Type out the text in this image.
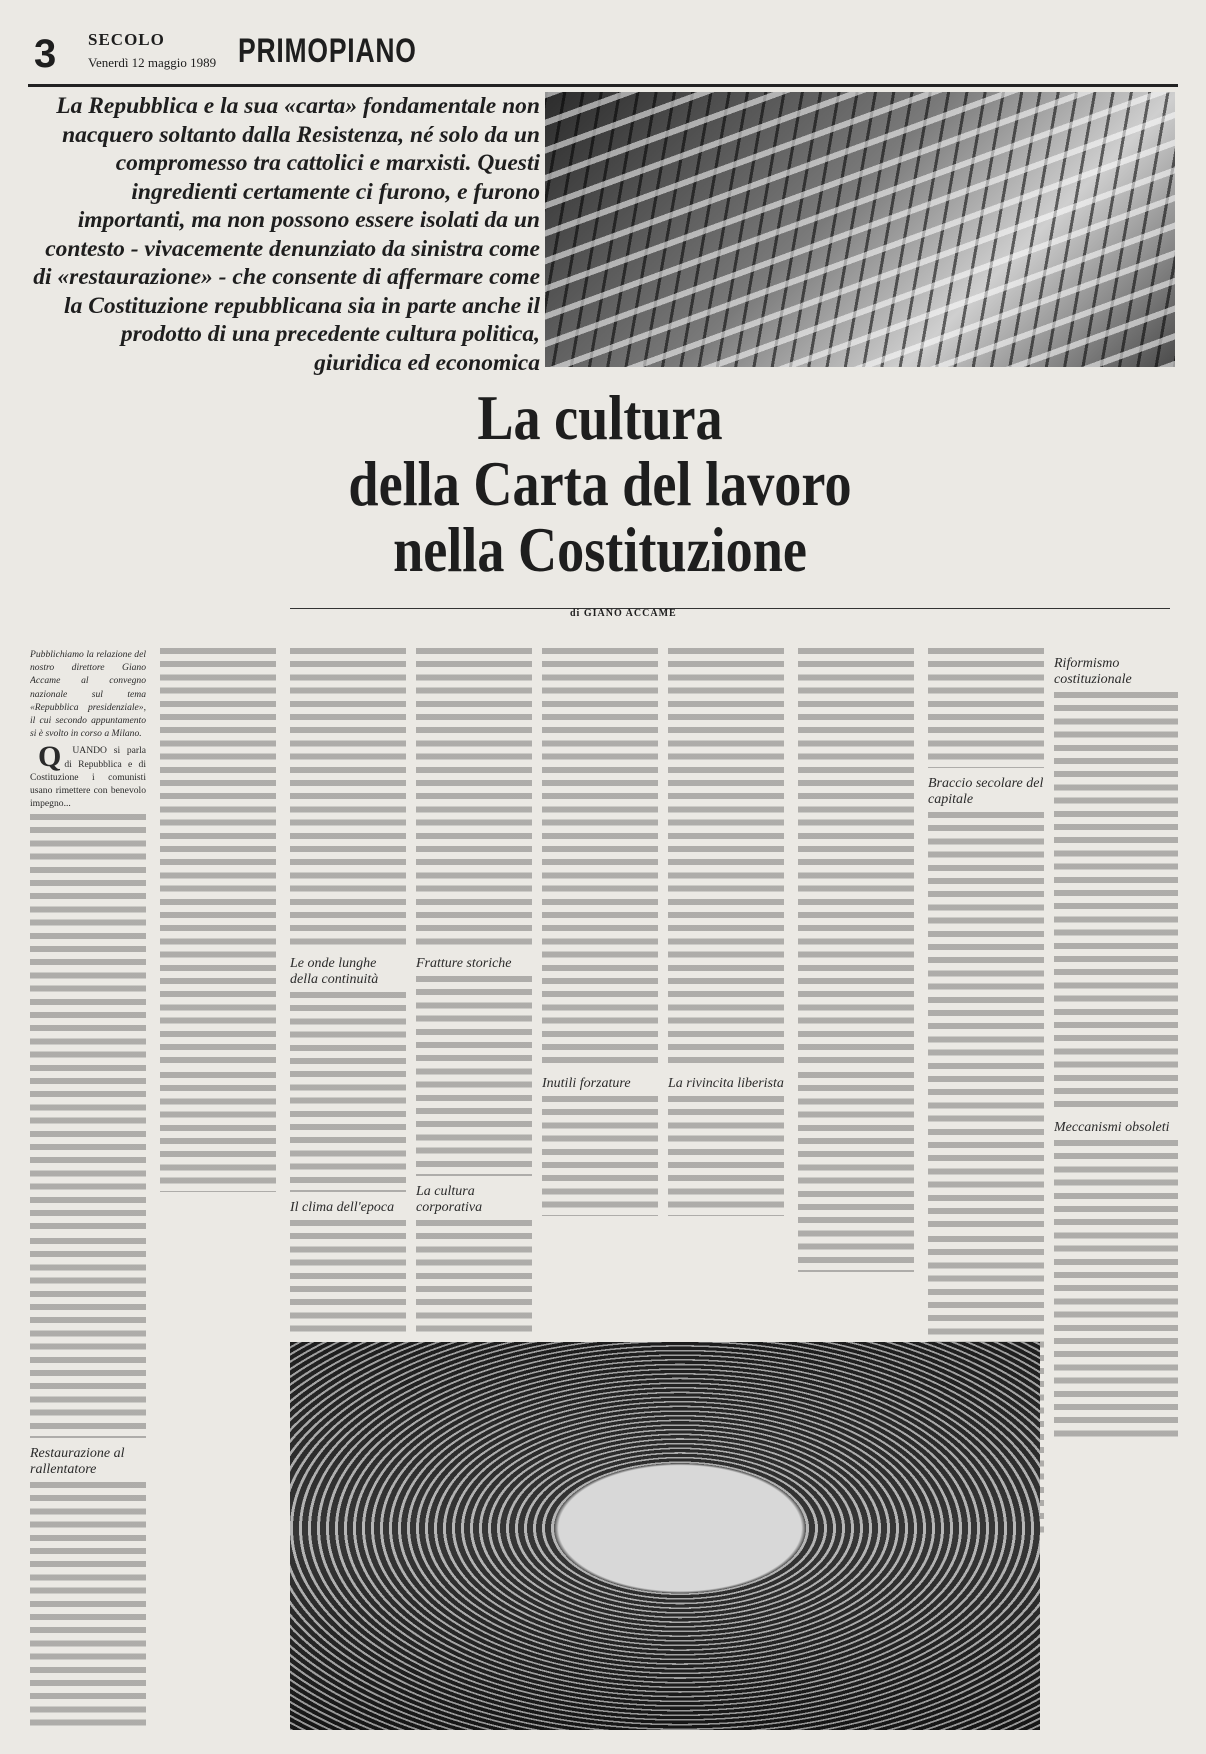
3 SECOLO
Venerdì 12 maggio 1989 PRIMOPIANO
La Repubblica e la sua «carta» fondamentale non nacquero soltanto dalla Resistenza, né solo da un compromesso tra cattolici e marxisti. Questi ingredienti certamente ci furono, e furono importanti, ma non possono essere isolati da un contesto - vivacemente denunziato da sinistra come di «restaurazione» - che consente di affermare come la Costituzione repubblicana sia in parte anche il prodotto di una precedente cultura politica, giuridica ed economica
La cultura
della Carta del lavoro
nella Costituzione
di GIANO ACCAME

Pubblichiamo la relazione del nostro direttore Giano Accame al convegno nazionale sul tema «Repubblica presidenziale», il cui secondo appuntamento si è svolto in corso a Milano.

Q	UANDO si parla di Repubblica e di Costituzione i comunisti usano rimettere con benevolo impegno...

Restaurazione al rallentatore
Le onde lunghe della continuità
Il clima dell'epoca
Fratture storiche
La cultura corporativa
Inutili forzature	La rivincita liberista
Braccio secolare del capitale
Riformismo costituzionale
Meccanismi obsoleti
